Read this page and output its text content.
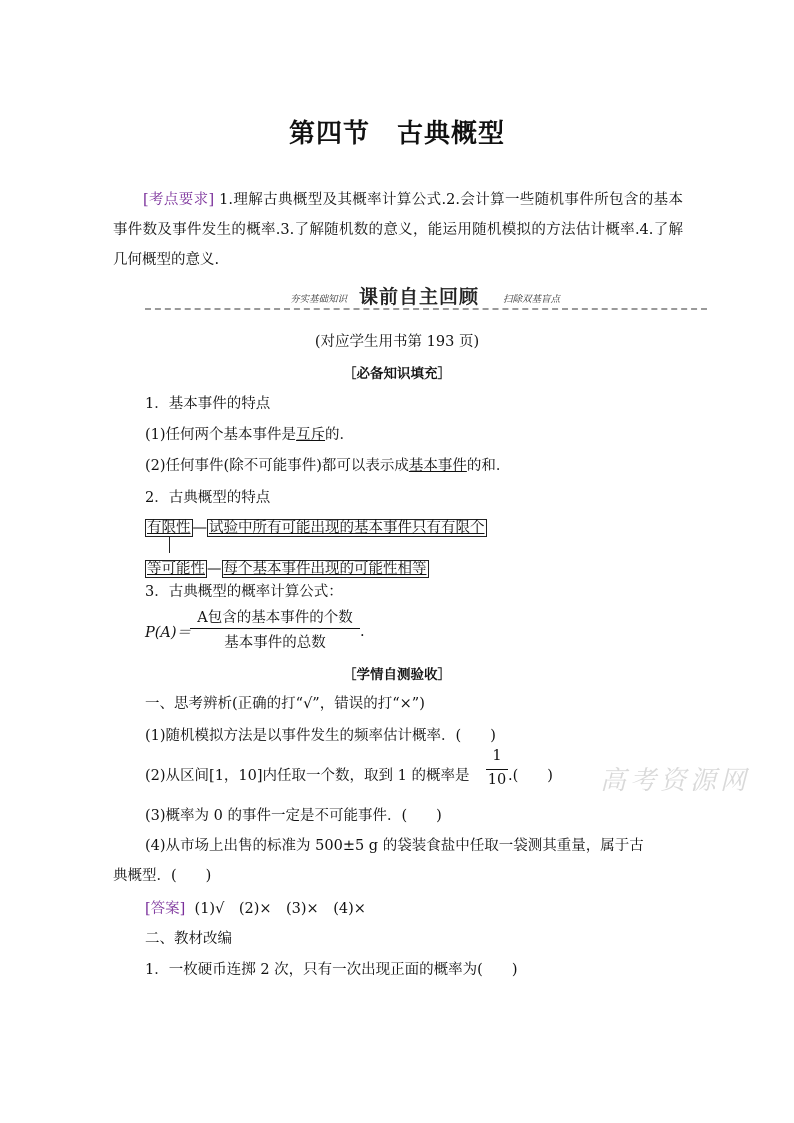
第四节　古典概型
[考点要求] 1.理解古典概型及其概率计算公式.2.会计算一些随机事件所包含的基本事件数及事件发生的概率.3.了解随机数的意义，能运用随机模拟的方法估计概率.4.了解几何概型的意义.
夯实基础知识 课前自主回顾	扫除双基盲点
(对应学生用书第 193 页)
［必备知识填充］
1．基本事件的特点
(1)任何两个基本事件是互斥的．
(2)任何事件(除不可能事件)都可以表示成基本事件的和．
2．古典概型的特点
有限性 — 试验中所有可能出现的基本事件只有有限个
等可能性 — 每个基本事件出现的可能性相等
3．古典概型的概率计算公式：
P(A)＝
A包含的基本事件的个数
基本事件的总数
.
［学情自测验收］
一、思考辨析(正确的打“√”，错误的打“×”)
(1)随机模拟方法是以事件发生的频率估计概率．(　　)
(2)从区间[1，10]内任取一个数，取到 1 的概率是
1
10 .(　　) 高考资源网
(3)概率为 0 的事件一定是不可能事件．(　　)
(4)从市场上出售的标准为 500±5 g 的袋装食盐中任取一袋测其重量，属于古
典概型．(　　)
[答案] (1)√　(2)×　(3)×　(4)×
二、教材改编
1．一枚硬币连掷 2 次，只有一次出现正面的概率为(　　)
